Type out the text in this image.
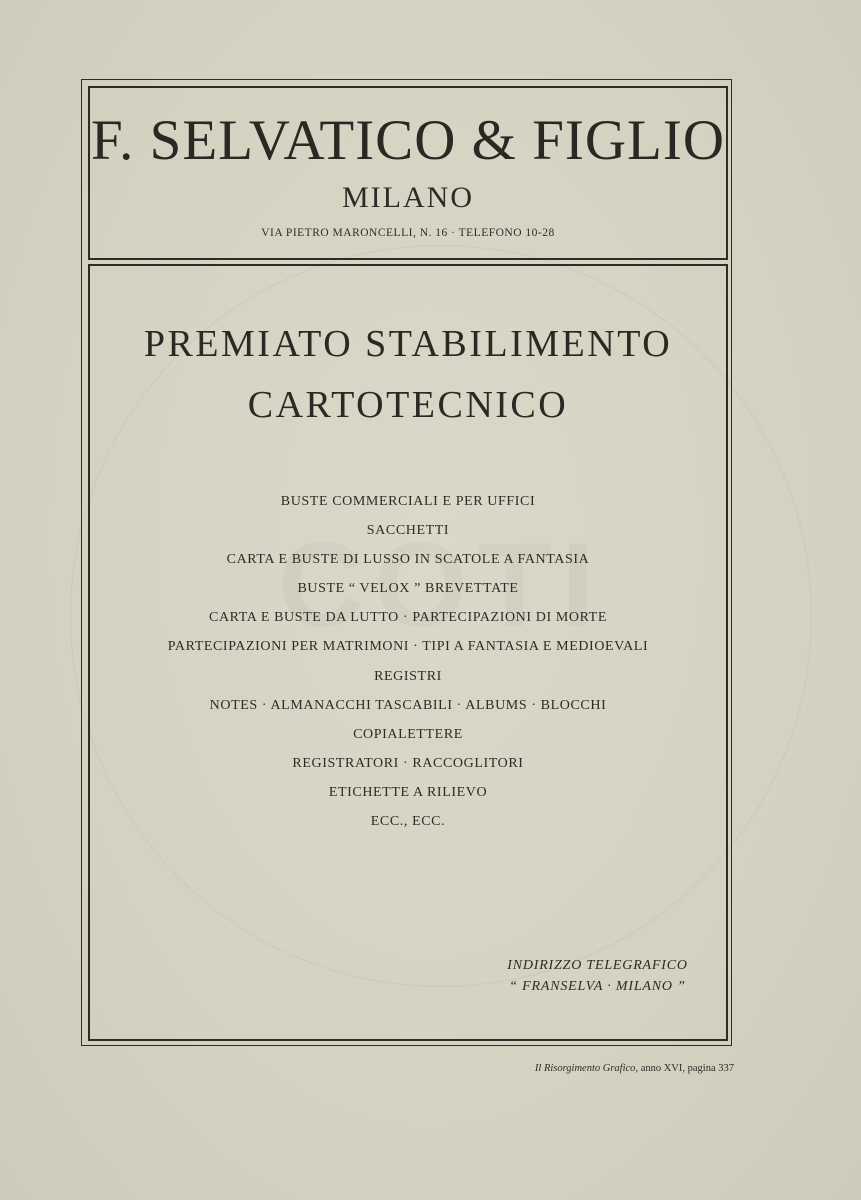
F. SELVATICO & FIGLIO
MILANO
VIA PIETRO MARONCELLI, N. 16 · TELEFONO 10-28
PREMIATO STABILIMENTO
CARTOTECNICO
BUSTE COMMERCIALI E PER UFFICI
SACCHETTI
CARTA E BUSTE DI LUSSO IN SCATOLE A FANTASIA
BUSTE “ VELOX ” BREVETTATE
CARTA E BUSTE DA LUTTO · PARTECIPAZIONI DI MORTE
PARTECIPAZIONI PER MATRIMONI · TIPI A FANTASIA E MEDIOEVALI
REGISTRI
NOTES · ALMANACCHI TASCABILI · ALBUMS · BLOCCHI
COPIALETTERE
REGISTRATORI · RACCOGLITORI
ETICHETTE A RILIEVO
ECC., ECC.
INDIRIZZO TELEGRAFICO
“ FRANSELVA · MILANO ”
Il Risorgimento Grafico, anno XVI, pagina 337
